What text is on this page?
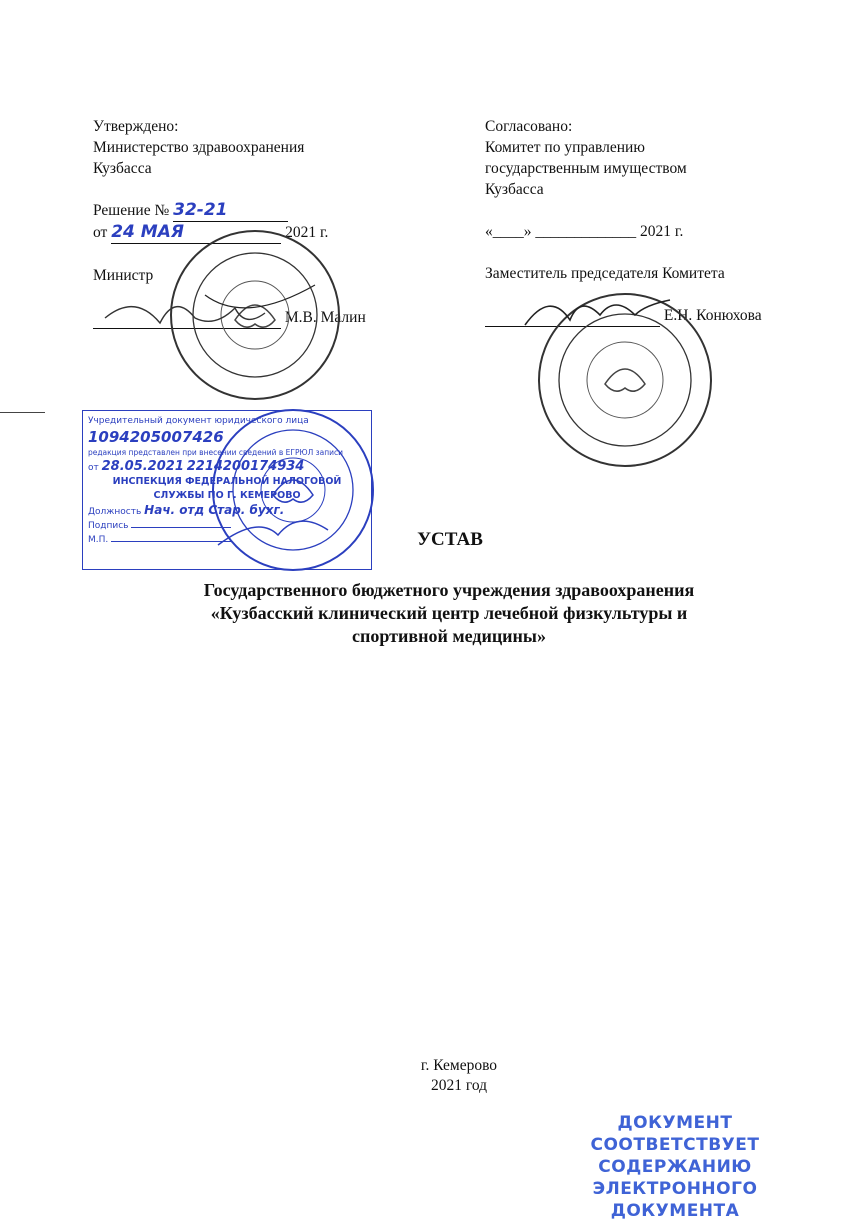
Утверждено:
Министерство здравоохранения
Кузбасса
Решение № 32-21
от 24 МАЯ	2021 г.
Министр
М.В. Малин
Согласовано:
Комитет по управлению
государственным имуществом
Кузбасса
«____» _____________ 2021 г.
Заместитель председателя Комитета
Е.Н. Конюхова
Учредительный документ юридического лица
1094205007426
редакция представлен при внесении сведений в ЕГРЮЛ записи
от 28.05.2021 2214200174934
ИНСПЕКЦИЯ ФЕДЕРАЛЬНОЙ НАЛОГОВОЙ
СЛУЖБЫ ПО Г. КЕМЕРОВО
Должность Нач. отд Стар. бухг.
Подпись
М.П.	УСТАВ
Государственного бюджетного учреждения здравоохранения
«Кузбасский клинический центр лечебной физкультуры и
спортивной медицины»
г. Кемерово
2021 год
ДОКУМЕНТ СООТВЕТСТВУЕТ
СОДЕРЖАНИЮ
ЭЛЕКТРОННОГО ДОКУМЕНТА
